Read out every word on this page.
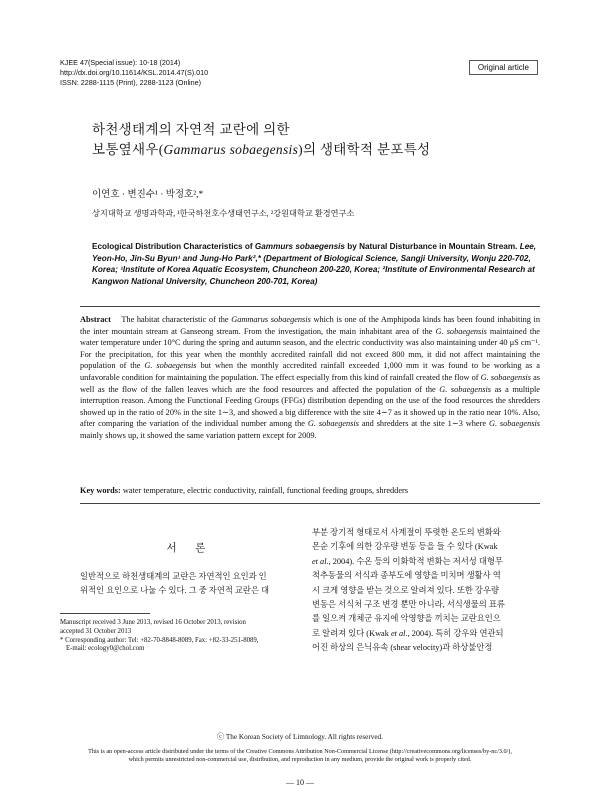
KJEE 47(Special issue): 10-18 (2014)
http://dx.doi.org/10.11614/KSL.2014.47(S).010
ISSN: 2288-1115 (Print), 2288-1123 (Online)
Original article
하천생태계의 자연적 교란에 의한
보통옆새우(Gammarus sobaegensis)의 생태학적 분포특성
이연호 · 변진수¹ · 박정호²,*
상지대학교 생명과학과, ¹한국하천호수생태연구소, ²강원대학교 환경연구소
Ecological Distribution Characteristics of Gammurs sobaegensis by Natural Disturbance in Mountain Stream. Lee, Yeon-Ho, Jin-Su Byun¹ and Jung-Ho Park²,* (Department of Biological Science, Sangji University, Wonju 220-702, Korea; ¹Institute of Korea Aquatic Ecosystem, Chuncheon 200-220, Korea; ²Institute of Environmental Research at Kangwon National University, Chuncheon 200-701, Korea)
Abstract The habitat characteristic of the Gammarus sobaegensis which is one of the Amphipoda kinds has been found inhabiting in the inter mountain stream at Ganseong stream. From the investigation, the main inhabitant area of the G. sobaegensis maintained the water temperature under 10°C during the spring and autumn season, and the electric conductivity was also maintaining under 40 μS cm⁻¹. For the precipitation, for this year when the monthly accredited rainfall did not exceed 800 mm, it did not affect maintaining the population of the G. sobaegensis but when the monthly accredited rainfall exceeded 1,000 mm it was found to be working as a unfavorable condition for maintaining the population. The effect especially from this kind of rainfall created the flow of G. sobaegensis as well as the flow of the fallen leaves which are the food resources and affected the population of the G. sobaegensis as a multiple interruption reason. Among the Functional Feeding Groups (FFGs) distribution depending on the use of the food resources the shredders showed up in the ratio of 20% in the site 1∼3, and showed a big difference with the site 4∼7 as it showed up in the ratio near 10%. Also, after comparing the variation of the individual number among the G. sobaegensis and shredders at the site 1∼3 where G. sobaegensis mainly shows up, it showed the same variation pattern except for 2009.
Key words: water temperature, electric conductivity, rainfall, functional feeding groups, shredders
서 론
일반적으로 하천생태계의 교란은 자연적인 요인과 인
위적인 요인으로 나눌 수 있다. 그 중 자연적 교란은 대
Manuscript received 3 June 2013, revised 16 October 2013, revision
accepted 31 October 2013
* Corresponding author: Tel: +82-70-8848-8089, Fax: +82-33-251-8089,
E-mail: ecology0@chol.com
부분 장기적 형태로서 사계절이 뚜렷한 온도의 변화와
몬순 기후에 의한 강우량 변동 등을 들 수 있다 (Kwak
et al., 2004). 수온 등의 이화학적 변화는 저서성 대형무
척추동물의 서식과 종부도에 영향을 미치며 생활사 역
시 크게 영향을 받는 것으로 알려져 있다. 또한 강우량
변동은 서식처 구조 변경 뿐만 아니라, 서식생물의 표류
를 일으켜 개체군 유지에 악영향을 끼치는 교란요인으
로 알려져 있다 (Kwak et al., 2004). 특히 강우와 연관되
어진 하상의 은닉유속 (shear velocity)과 하상불안정
ⓒ The Korean Society of Limnology. All rights reserved.
This is an open-access article distributed under the terms of the Creative Commons Attribution Non-Commercial License (http://creativecommons.org/licenses/by-nc/3.0/),
which permits unrestricted non-commercial use, distribution, and reproduction in any medium, provide the original work is properly cited.
— 10 —
